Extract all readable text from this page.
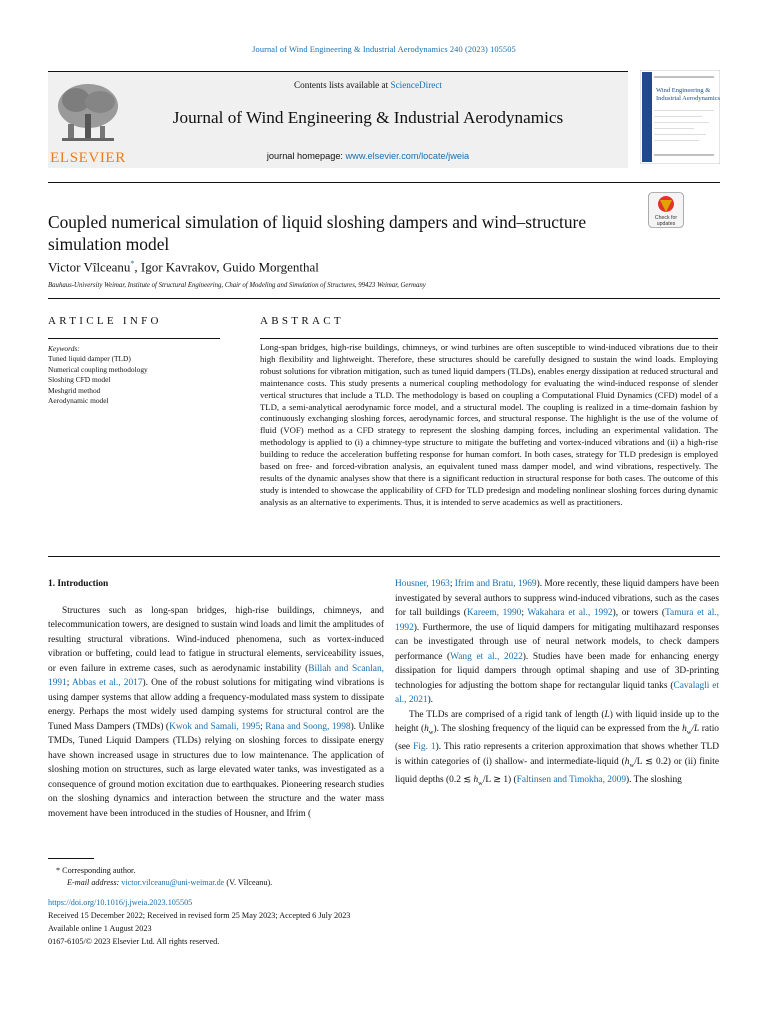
Journal of Wind Engineering & Industrial Aerodynamics 240 (2023) 105505
ELSEVIER
Contents lists available at ScienceDirect
Journal of Wind Engineering & Industrial Aerodynamics
journal homepage: www.elsevier.com/locate/jweia
Wind Engineering &
Industrial Aerodynamics
Coupled numerical simulation of liquid sloshing dampers and wind–structure simulation model
Check for
updates
Victor Vîlceanu*, Igor Kavrakov, Guido Morgenthal
Bauhaus-University Weimar, Institute of Structural Engineering, Chair of Modeling and Simulation of Structures, 99423 Weimar, Germany
ARTICLE INFO	ABSTRACT
Keywords:
Tuned liquid damper (TLD)
Numerical coupling methodology
Sloshing CFD model
Meshgrid method
Aerodynamic model
Long-span bridges, high-rise buildings, chimneys, or wind turbines are often susceptible to wind-induced vibrations due to their high flexibility and lightweight. Therefore, these structures should be carefully designed to sustain the wind loads. Employing robust solutions for vibration mitigation, such as tuned liquid dampers (TLDs), enables energy dissipation at reduced structural and maintenance costs. This study presents a numerical coupling methodology for evaluating the wind-induced response of slender vertical structures that include a TLD. The methodology is based on coupling a Computational Fluid Dynamics (CFD) model of a TLD, a semi-analytical aerodynamic force model, and a structural model. The coupling is realized in a time-domain fashion by continuously exchanging sloshing forces, aerodynamic forces, and structural response. The highlight is the use of the volume of fluid (VOF) method as a CFD strategy to represent the sloshing damping forces, including an experimental validation. The methodology is applied to (i) a chimney-type structure to mitigate the buffeting and vortex-induced vibrations and (ii) a high-rise building to reduce the acceleration buffeting response for human comfort. In both cases, strategy for TLD predesign is employed based on free- and forced-vibration analysis, an equivalent tuned mass damper model, and wind vibrations, respectively. The results of the dynamic analyses show that there is a significant reduction in structural response for both cases. The outcome of this study is intended to showcase the applicability of CFD for TLD predesign and modeling nonlinear sloshing forces during dynamic analysis as an alternative to experiments. Thus, it is intended to serve academics as well as practitioners.
1. Introduction

Structures such as long-span bridges, high-rise buildings, chimneys, and telecommunication towers, are designed to sustain wind loads and limit the amplitudes of resulting structural vibrations. Wind-induced phenomena, such as vortex-induced vibration or buffeting, could lead to fatigue in structural elements, serviceability issues, or even failure in extreme cases, such as aerodynamic instability (Billah and Scanlan, 1991; Abbas et al., 2017). One of the robust solutions for mitigating wind vibrations is using damper systems that allow adding a frequency-modulated mass system to dissipate energy. Perhaps the most widely used damping systems for structural control are the Tuned Mass Dampers (TMDs) (Kwok and Samali, 1995; Rana and Soong, 1998). Unlike TMDs, Tuned Liquid Dampers (TLDs) relying on sloshing forces to dissipate energy have shown increased usage in structures due to low maintenance. The application of sloshing motion on structures, such as large elevated water tanks, was investigated as a consequence of ground motion excitation due to earthquakes. Pioneering research studies on the sloshing dynamics and interaction between the structure and the water mass movement have been introduced in the studies of Housner, and Ifrim (

Housner, 1963; Ifrim and Bratu, 1969). More recently, these liquid dampers have been investigated by several authors to suppress wind-induced vibrations, such as the cases for tall buildings (Kareem, 1990; Wakahara et al., 1992), or towers (Tamura et al., 1992). Furthermore, the use of liquid dampers for mitigating multihazard responses can be investigated through use of neural network models, to check dampers performance (Wang et al., 2022). Studies have been made for enhancing energy dissipation for liquid dampers through optimal shaping and use of 3D-printing technologies for adjusting the bottom shape for rectangular liquid tanks (Cavalagli et al., 2021).

The TLDs are comprised of a rigid tank of length (L) with liquid inside up to the height $(h_w)$. The sloshing frequency of the liquid can be expressed from the $h_w/L$ ratio (see Fig. 1). This ratio represents a criterion approximation that shows whether TLD is within categories of (i) shallow- and intermediate-liquid ($h_w/L$ ≲ 0.2) or (ii) finite liquid depths (0.2 ≲ $h_w/L$ ≳ 1) (Faltinsen and Timokha, 2009). The sloshing

* Corresponding author.
E-mail address: victor.vilceanu@uni-weimar.de (V. Vîlceanu).
https://doi.org/10.1016/j.jweia.2023.105505
Received 15 December 2022; Received in revised form 25 May 2023; Accepted 6 July 2023
Available online 1 August 2023
0167-6105/© 2023 Elsevier Ltd. All rights reserved.
